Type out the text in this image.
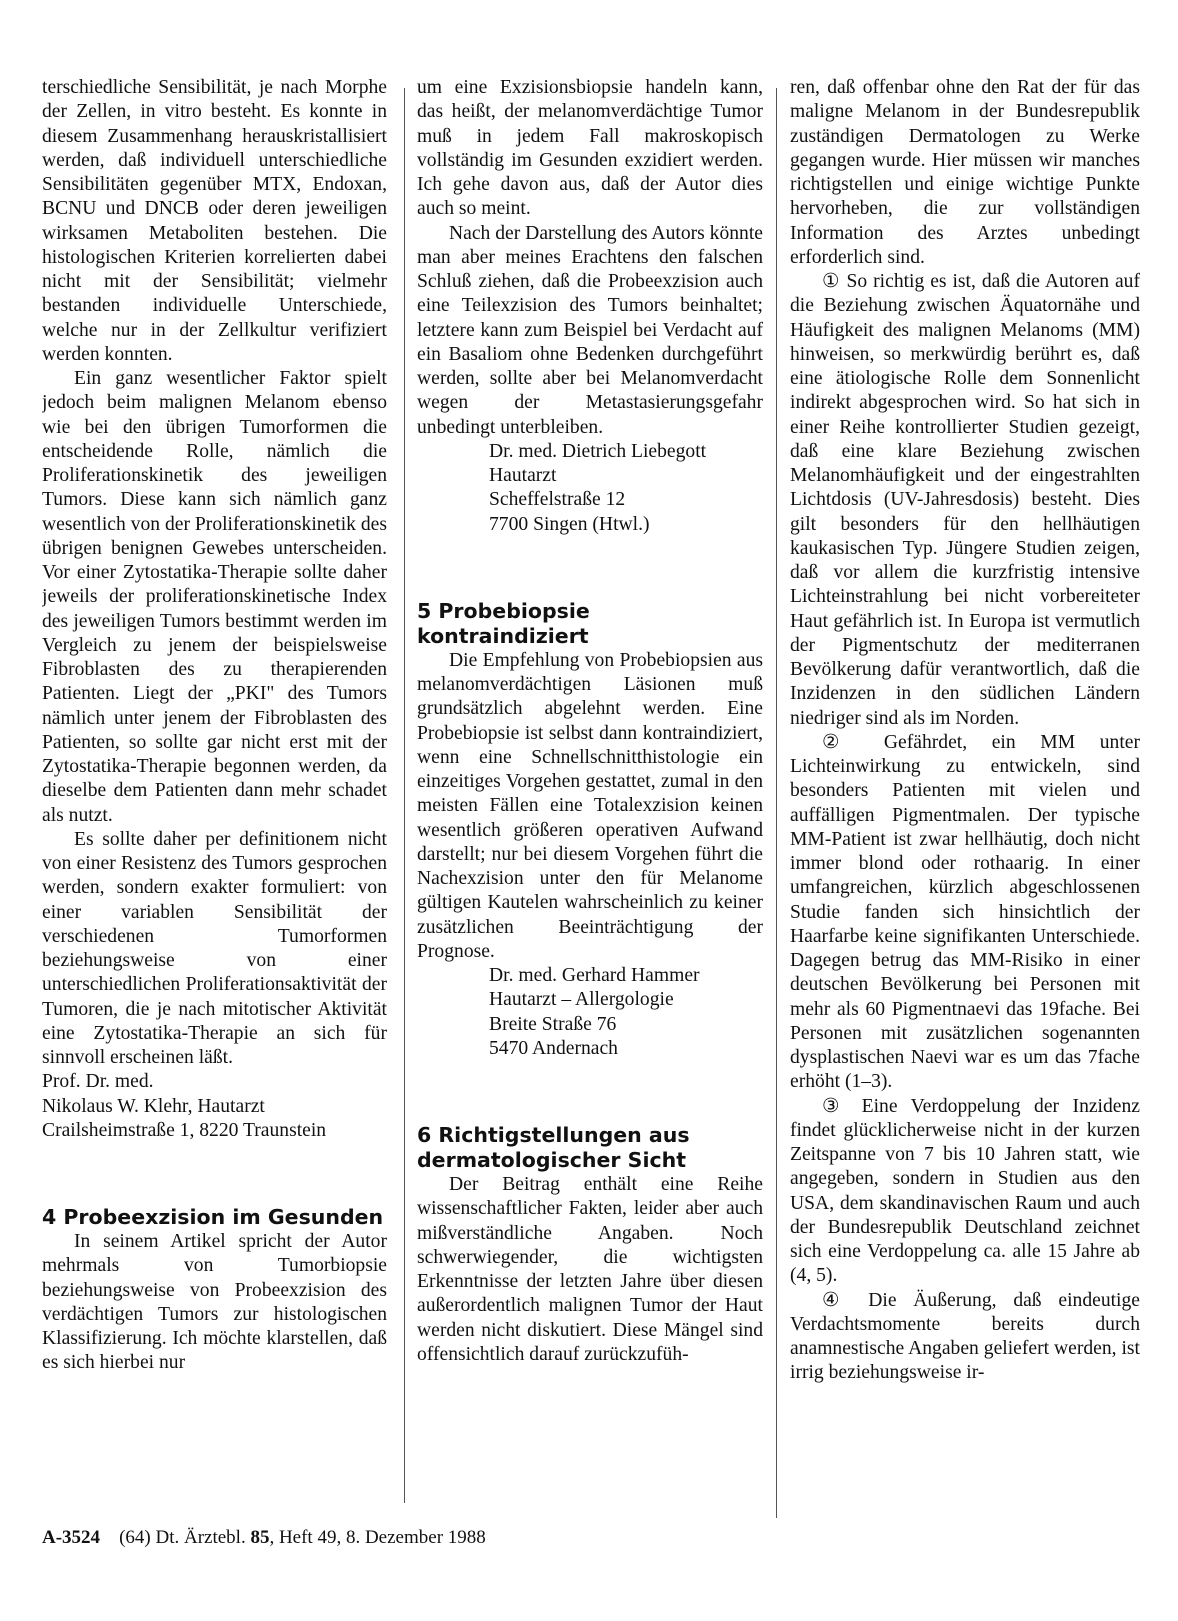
terschiedliche Sensibilität, je nach Morphe der Zellen, in vitro besteht. Es konnte in diesem Zusammenhang herauskristallisiert werden, daß individuell unterschiedliche Sensibilitäten gegenüber MTX, Endoxan, BCNU und DNCB oder deren jeweiligen wirksamen Metaboliten bestehen. Die histologischen Kriterien korrelierten dabei nicht mit der Sensibilität; vielmehr bestanden individuelle Unterschiede, welche nur in der Zellkultur verifiziert werden konnten.

Ein ganz wesentlicher Faktor spielt jedoch beim malignen Melanom ebenso wie bei den übrigen Tumorformen die entscheidende Rolle, nämlich die Proliferationskinetik des jeweiligen Tumors. Diese kann sich nämlich ganz wesentlich von der Proliferationskinetik des übrigen benignen Gewebes unterscheiden. Vor einer Zytostatika-Therapie sollte daher jeweils der proliferationskinetische Index des jeweiligen Tumors bestimmt werden im Vergleich zu jenem der beispielsweise Fibroblasten des zu therapierenden Patienten. Liegt der „PKI" des Tumors nämlich unter jenem der Fibroblasten des Patienten, so sollte gar nicht erst mit der Zytostatika-Therapie begonnen werden, da dieselbe dem Patienten dann mehr schadet als nutzt.

Es sollte daher per definitionem nicht von einer Resistenz des Tumors gesprochen werden, sondern exakter formuliert: von einer variablen Sensibilität der verschiedenen Tumorformen beziehungsweise von einer unterschiedlichen Proliferationsaktivität der Tumoren, die je nach mitotischer Aktivität eine Zytostatika-Therapie an sich für sinnvoll erscheinen läßt.

Prof. Dr. med.
Nikolaus W. Klehr, Hautarzt
Crailsheimstraße 1, 8220 Traunstein

4 Probeexzision im Gesunden

In seinem Artikel spricht der Autor mehrmals von Tumorbiopsie beziehungsweise von Probeexzision des verdächtigen Tumors zur histologischen Klassifizierung. Ich möchte klarstellen, daß es sich hierbei nur

um eine Exzisionsbiopsie handeln kann, das heißt, der melanomverdächtige Tumor muß in jedem Fall makroskopisch vollständig im Gesunden exzidiert werden. Ich gehe davon aus, daß der Autor dies auch so meint.

Nach der Darstellung des Autors könnte man aber meines Erachtens den falschen Schluß ziehen, daß die Probeexzision auch eine Teilexzision des Tumors beinhaltet; letztere kann zum Beispiel bei Verdacht auf ein Basaliom ohne Bedenken durchgeführt werden, sollte aber bei Melanomverdacht wegen der Metastasierungsgefahr unbedingt unterbleiben.

Dr. med. Dietrich Liebegott
Hautarzt
Scheffelstraße 12
7700 Singen (Htwl.)

5 Probebiopsie kontraindiziert

Die Empfehlung von Probebiopsien aus melanomverdächtigen Läsionen muß grundsätzlich abgelehnt werden. Eine Probebiopsie ist selbst dann kontraindiziert, wenn eine Schnellschnitthistologie ein einzeitiges Vorgehen gestattet, zumal in den meisten Fällen eine Totalexzision keinen wesentlich größeren operativen Aufwand darstellt; nur bei diesem Vorgehen führt die Nachexzision unter den für Melanome gültigen Kautelen wahrscheinlich zu keiner zusätzlichen Beeinträchtigung der Prognose.

Dr. med. Gerhard Hammer
Hautarzt – Allergologie
Breite Straße 76
5470 Andernach

6 Richtigstellungen aus dermatologischer Sicht

Der Beitrag enthält eine Reihe wissenschaftlicher Fakten, leider aber auch mißverständliche Angaben. Noch schwerwiegender, die wichtigsten Erkenntnisse der letzten Jahre über diesen außerordentlich malignen Tumor der Haut werden nicht diskutiert. Diese Mängel sind offensichtlich darauf zurückzufüh-

ren, daß offenbar ohne den Rat der für das maligne Melanom in der Bundesrepublik zuständigen Dermatologen zu Werke gegangen wurde. Hier müssen wir manches richtigstellen und einige wichtige Punkte hervorheben, die zur vollständigen Information des Arztes unbedingt erforderlich sind.

① So richtig es ist, daß die Autoren auf die Beziehung zwischen Äquatornähe und Häufigkeit des malignen Melanoms (MM) hinweisen, so merkwürdig berührt es, daß eine ätiologische Rolle dem Sonnenlicht indirekt abgesprochen wird. So hat sich in einer Reihe kontrollierter Studien gezeigt, daß eine klare Beziehung zwischen Melanomhäufigkeit und der eingestrahlten Lichtdosis (UV-Jahresdosis) besteht. Dies gilt besonders für den hellhäutigen kaukasischen Typ. Jüngere Studien zeigen, daß vor allem die kurzfristig intensive Lichteinstrahlung bei nicht vorbereiteter Haut gefährlich ist. In Europa ist vermutlich der Pigmentschutz der mediterranen Bevölkerung dafür verantwortlich, daß die Inzidenzen in den südlichen Ländern niedriger sind als im Norden.

② Gefährdet, ein MM unter Lichteinwirkung zu entwickeln, sind besonders Patienten mit vielen und auffälligen Pigmentmalen. Der typische MM-Patient ist zwar hellhäutig, doch nicht immer blond oder rothaarig. In einer umfangreichen, kürzlich abgeschlossenen Studie fanden sich hinsichtlich der Haarfarbe keine signifikanten Unterschiede. Dagegen betrug das MM-Risiko in einer deutschen Bevölkerung bei Personen mit mehr als 60 Pigmentnaevi das 19fache. Bei Personen mit zusätzlichen sogenannten dysplastischen Naevi war es um das 7fache erhöht (1–3).

③ Eine Verdoppelung der Inzidenz findet glücklicherweise nicht in der kurzen Zeitspanne von 7 bis 10 Jahren statt, wie angegeben, sondern in Studien aus den USA, dem skandinavischen Raum und auch der Bundesrepublik Deutschland zeichnet sich eine Verdoppelung ca. alle 15 Jahre ab (4, 5).

④ Die Äußerung, daß eindeutige Verdachtsmomente bereits durch anamnestische Angaben geliefert werden, ist irrig beziehungsweise ir-

A-3524 (64) Dt. Ärztebl. 85, Heft 49, 8. Dezember 1988
